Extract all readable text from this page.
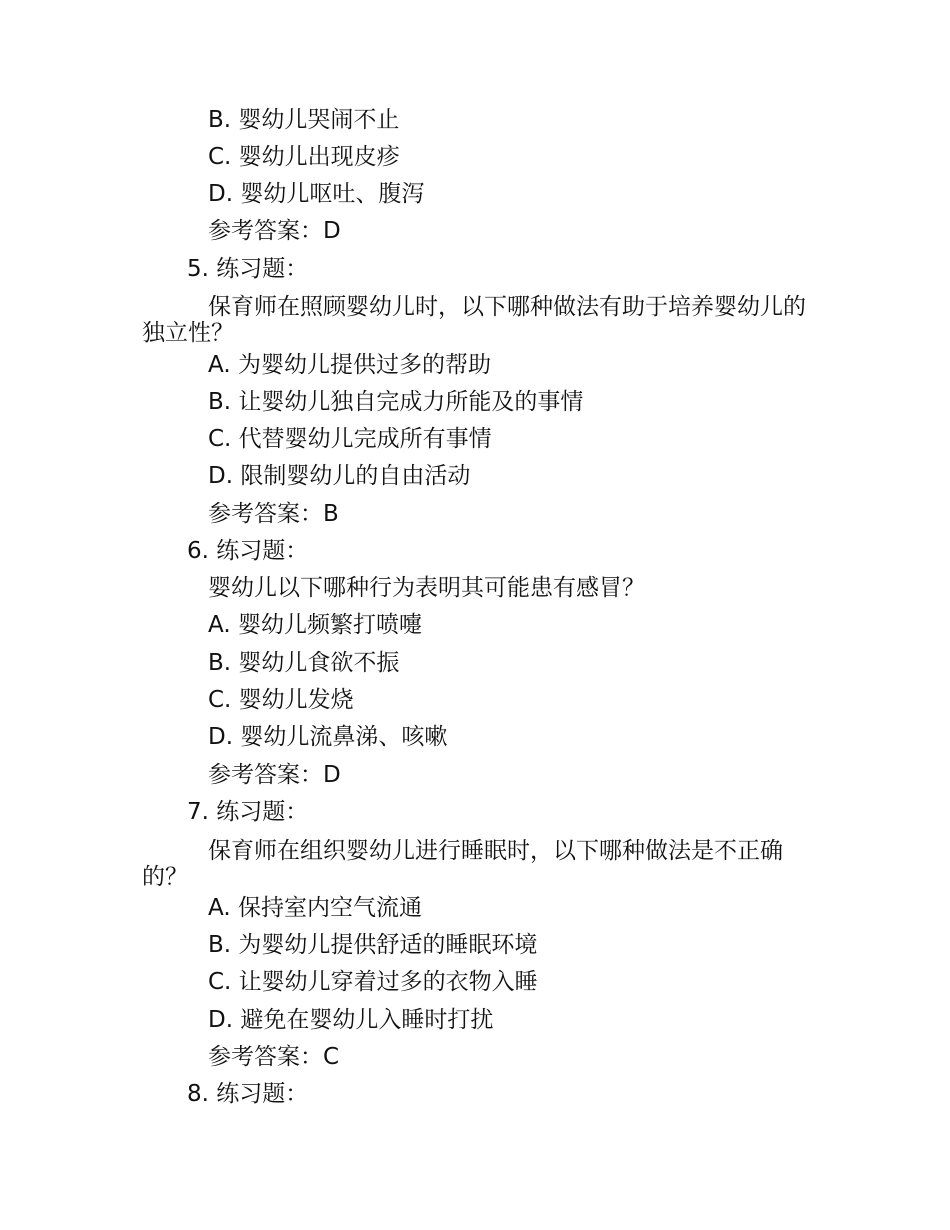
B. 婴幼儿哭闹不止
C. 婴幼儿出现皮疹
D. 婴幼儿呕吐、腹泻
参考答案：D
5. 练习题：
保育师在照顾婴幼儿时，以下哪种做法有助于培养婴幼儿的独立性？
A. 为婴幼儿提供过多的帮助
B. 让婴幼儿独自完成力所能及的事情
C. 代替婴幼儿完成所有事情
D. 限制婴幼儿的自由活动
参考答案：B
6. 练习题：
婴幼儿以下哪种行为表明其可能患有感冒？
A. 婴幼儿频繁打喷嚏
B. 婴幼儿食欲不振
C. 婴幼儿发烧
D. 婴幼儿流鼻涕、咳嗽
参考答案：D
7. 练习题：
保育师在组织婴幼儿进行睡眠时，以下哪种做法是不正确的？
A. 保持室内空气流通
B. 为婴幼儿提供舒适的睡眠环境
C. 让婴幼儿穿着过多的衣物入睡
D. 避免在婴幼儿入睡时打扰
参考答案：C
8. 练习题：
